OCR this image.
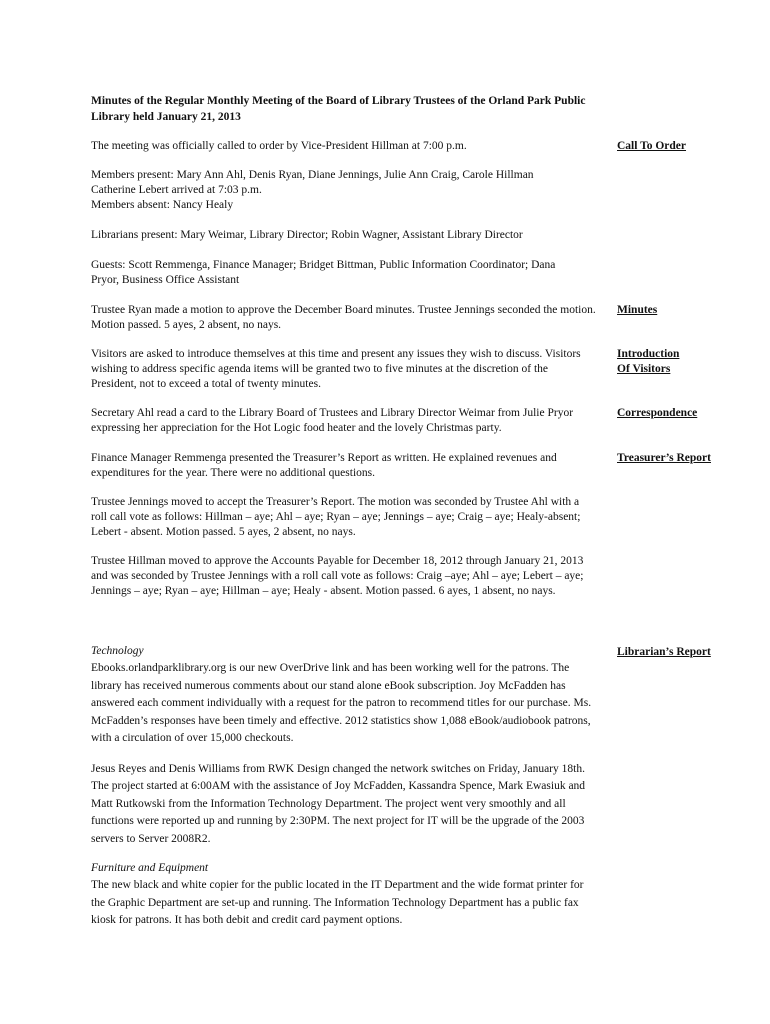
Minutes of the Regular Monthly Meeting of the Board of Library Trustees of the Orland Park Public Library held January 21, 2013
The meeting was officially called to order by Vice-President Hillman at 7:00 p.m.	Call To Order
Members present: Mary Ann Ahl, Denis Ryan, Diane Jennings, Julie Ann Craig, Carole Hillman
Catherine Lebert arrived at 7:03 p.m.
Members absent: Nancy Healy
Librarians present: Mary Weimar, Library Director; Robin Wagner, Assistant Library Director
Guests: Scott Remmenga, Finance Manager; Bridget Bittman, Public Information Coordinator; Dana Pryor, Business Office Assistant
Trustee Ryan made a motion to approve the December Board minutes. Trustee Jennings seconded the motion. Motion passed. 5 ayes, 2 absent, no nays.
Minutes
Visitors are asked to introduce themselves at this time and present any issues they wish to discuss. Visitors wishing to address specific agenda items will be granted two to five minutes at the discretion of the President, not to exceed a total of twenty minutes.
Introduction
Of Visitors
Secretary Ahl read a card to the Library Board of Trustees and Library Director Weimar from Julie Pryor expressing her appreciation for the Hot Logic food heater and the lovely Christmas party.
Correspondence
Finance Manager Remmenga presented the Treasurer’s Report as written. He explained revenues and expenditures for the year. There were no additional questions.
Treasurer’s Report
Trustee Jennings moved to accept the Treasurer’s Report. The motion was seconded by Trustee Ahl with a roll call vote as follows: Hillman – aye; Ahl – aye; Ryan – aye; Jennings – aye; Craig – aye; Healy-absent; Lebert - absent. Motion passed. 5 ayes, 2 absent, no nays.
Trustee Hillman moved to approve the Accounts Payable for December 18, 2012 through January 21, 2013 and was seconded by Trustee Jennings with a roll call vote as follows: Craig –aye; Ahl – aye; Lebert – aye; Jennings – aye; Ryan – aye; Hillman – aye; Healy - absent. Motion passed. 6 ayes, 1 absent, no nays.
Technology
Ebooks.orlandparklibrary.org is our new OverDrive link and has been working well for the patrons. The library has received numerous comments about our stand alone eBook subscription. Joy McFadden has answered each comment individually with a request for the patron to recommend titles for our purchase. Ms. McFadden’s responses have been timely and effective. 2012 statistics show 1,088 eBook/audiobook patrons, with a circulation of over 15,000 checkouts.
Librarian’s Report
Jesus Reyes and Denis Williams from RWK Design changed the network switches on Friday, January 18th. The project started at 6:00AM with the assistance of Joy McFadden, Kassandra Spence, Mark Ewasiuk and Matt Rutkowski from the Information Technology Department. The project went very smoothly and all functions were reported up and running by 2:30PM. The next project for IT will be the upgrade of the 2003 servers to Server 2008R2.
Furniture and Equipment
The new black and white copier for the public located in the IT Department and the wide format printer for the Graphic Department are set-up and running. The Information Technology Department has a public fax kiosk for patrons. It has both debit and credit card payment options.
